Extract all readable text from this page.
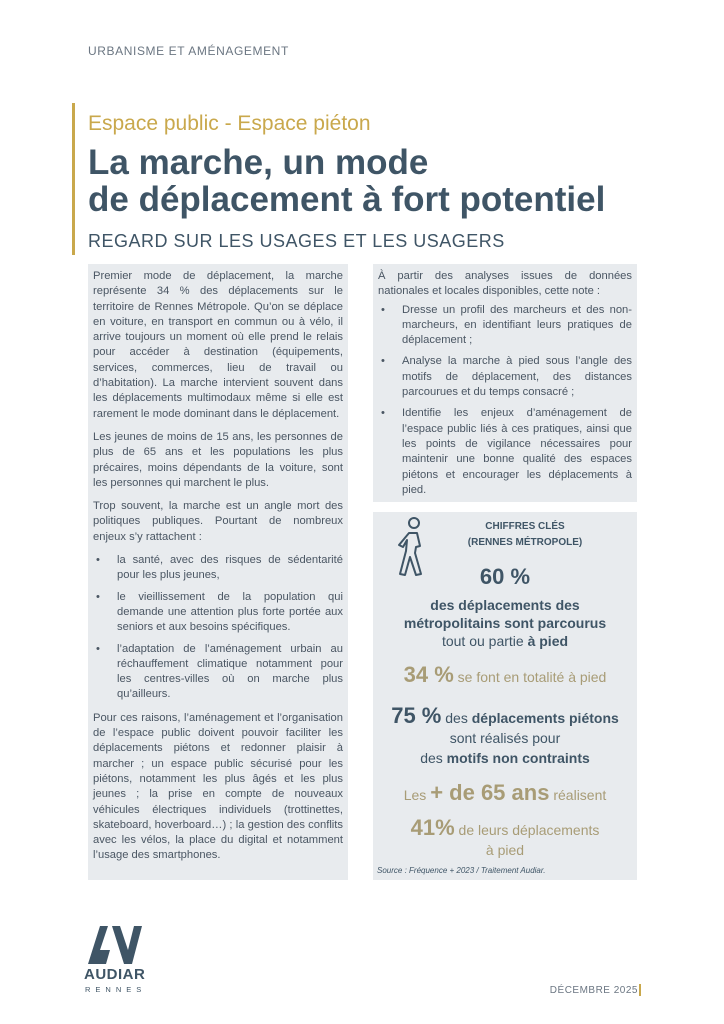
URBANISME ET AMÉNAGEMENT
Espace public - Espace piéton
La marche, un mode
de déplacement à fort potentiel
REGARD SUR LES USAGES ET LES USAGERS

Premier mode de déplacement, la marche représente 34 % des déplacements sur le territoire de Rennes Métropole. Qu’on se déplace en voiture, en transport en commun ou à vélo, il arrive toujours un moment où elle prend le relais pour accéder à destination (équipements, services, commerces, lieu de travail ou d’habitation). La marche intervient souvent dans les déplacements multimodaux même si elle est rarement le mode dominant dans le déplacement.

Les jeunes de moins de 15 ans, les personnes de plus de 65 ans et les populations les plus précaires, moins dépendants de la voiture, sont les personnes qui marchent le plus.

Trop souvent, la marche est un angle mort des politiques publiques. Pourtant de nombreux enjeux s’y rattachent :

• la santé, avec des risques de sédentarité pour les plus jeunes,
• le vieillissement de la population qui demande une attention plus forte portée aux seniors et aux besoins spécifiques.
• l’adaptation de l’aménagement urbain au réchauffement climatique notamment pour les centres-villes où on marche plus qu’ailleurs.

Pour ces raisons, l’aménagement et l’organisation de l’espace public doivent pouvoir faciliter les déplacements piétons et redonner plaisir à marcher ; un espace public sécurisé pour les piétons, notamment les plus âgés et les plus jeunes ; la prise en compte de nouveaux véhicules électriques individuels (trottinettes, skateboard, hoverboard…) ; la gestion des conflits avec les vélos, la place du digital et notamment l’usage des smartphones.

À partir des analyses issues de données nationales et locales disponibles, cette note :

• Dresse un profil des marcheurs et des non-marcheurs, en identifiant leurs pratiques de déplacement ;
• Analyse la marche à pied sous l’angle des motifs de déplacement, des distances parcourues et du temps consacré ;
• Identifie les enjeux d’aménagement de l’espace public liés à ces pratiques, ainsi que les points de vigilance nécessaires pour maintenir une bonne qualité des espaces piétons et encourager les déplacements à pied.
CHIFFRES CLÉS
(RENNES MÉTROPOLE)
60 %
des déplacements des
métropolitains sont parcourus
tout ou partie à pied
34 % se font en totalité à pied
75 % des déplacements piétons
sont réalisés pour
des motifs non contraints
Les + de 65 ans réalisent
41% de leurs déplacements
à pied
Source : Fréquence + 2023 / Traitement Audiar.
AUDIAR
RENNES	DÉCEMBRE 2025
